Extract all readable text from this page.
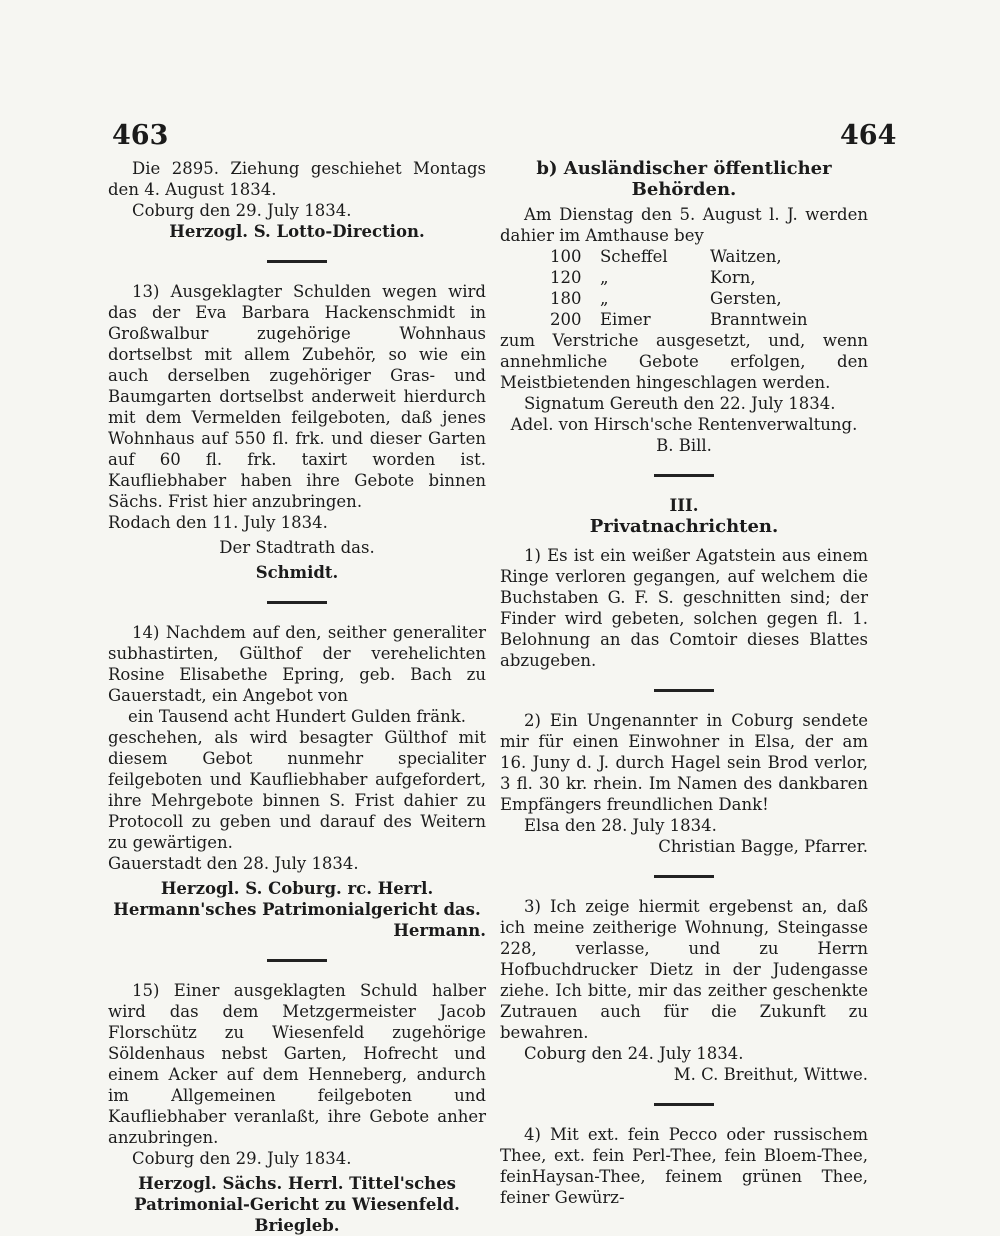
463	464

Die 2895. Ziehung geschiehet Montags den 4. August 1834.

Coburg den 29. July 1834.

Herzogl. S. Lotto-Direction.

13) Ausgeklagter Schulden wegen wird das der Eva Barbara Hackenschmidt in Großwalbur zugehörige Wohnhaus dortselbst mit allem Zubehör, so wie ein auch derselben zugehöriger Gras- und Baumgarten dortselbst anderweit hierdurch mit dem Vermelden feilgeboten, daß jenes Wohnhaus auf 550 fl. frk. und dieser Garten auf 60 fl. frk. taxirt worden ist. Kaufliebhaber haben ihre Gebote binnen Sächs. Frist hier anzubringen.

Rodach den 11. July 1834.

Der Stadtrath das.

Schmidt.

14) Nachdem auf den, seither generaliter subhastirten, Gülthof der verehelichten Rosine Elisabethe Epring, geb. Bach zu Gauerstadt, ein Angebot von

ein Tausend acht Hundert Gulden fränk.

geschehen, als wird besagter Gülthof mit diesem Gebot nunmehr specialiter feilgeboten und Kaufliebhaber aufgefordert, ihre Mehrgebote binnen S. Frist dahier zu Protocoll zu geben und darauf des Weitern zu gewärtigen.

Gauerstadt den 28. July 1834.

Herzogl. S. Coburg. rc. Herrl. Hermann'sches Patrimonialgericht das.

Hermann.

15) Einer ausgeklagten Schuld halber wird das dem Metzgermeister Jacob Florschütz zu Wiesenfeld zugehörige Söldenhaus nebst Garten, Hofrecht und einem Acker auf dem Henneberg, andurch im Allgemeinen feilgeboten und Kaufliebhaber veranlaßt, ihre Gebote anher anzubringen.

Coburg den 29. July 1834.

Herzogl. Sächs. Herrl. Tittel'sches Patrimonial-Gericht zu Wiesenfeld.

Briegleb.

b) Ausländischer öffentlicher Behörden.

Am Dienstag den 5. August l. J. werden dahier im Amthause bey

100	Scheffel	Waitzen,
120	„	Korn,
180	„	Gersten,
200	Eimer	Branntwein

zum Verstriche ausgesetzt, und, wenn annehmliche Gebote erfolgen, den Meistbietenden hingeschlagen werden.

Signatum Gereuth den 22. July 1834.

Adel. von Hirsch'sche Rentenverwaltung.

B. Bill.

III.

Privatnachrichten.

1) Es ist ein weißer Agatstein aus einem Ringe verloren gegangen, auf welchem die Buchstaben G. F. S. geschnitten sind; der Finder wird gebeten, solchen gegen fl. 1. Belohnung an das Comtoir dieses Blattes abzugeben.

2) Ein Ungenannter in Coburg sendete mir für einen Einwohner in Elsa, der am 16. Juny d. J. durch Hagel sein Brod verlor, 3 fl. 30 kr. rhein. Im Namen des dankbaren Empfängers freundlichen Dank!

Elsa den 28. July 1834.

Christian Bagge, Pfarrer.

3) Ich zeige hiermit ergebenst an, daß ich meine zeitherige Wohnung, Steingasse 228, verlasse, und zu Herrn Hofbuchdrucker Dietz in der Judengasse ziehe. Ich bitte, mir das zeither geschenkte Zutrauen auch für die Zukunft zu bewahren.

Coburg den 24. July 1834.

M. C. Breithut, Wittwe.

4) Mit ext. fein Pecco oder russischem Thee, ext. fein Perl-Thee, fein Bloem-Thee, feinHaysan-Thee, feinem grünen Thee, feiner Gewürz-
